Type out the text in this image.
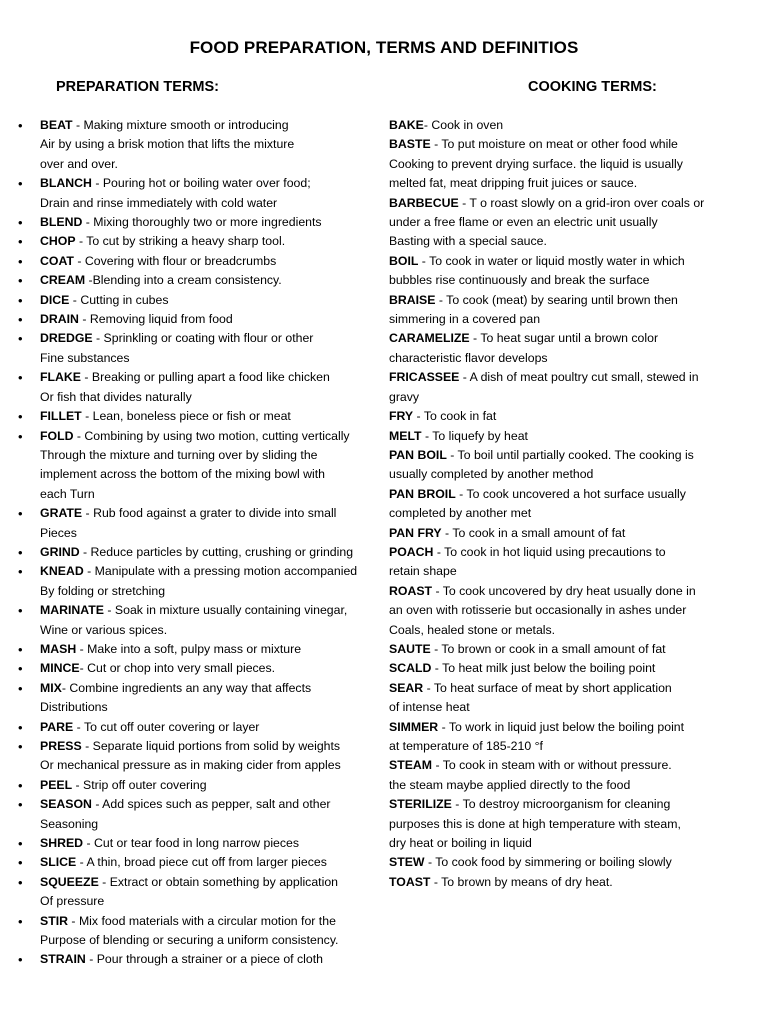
FOOD PREPARATION, TERMS AND DEFINITIOS
PREPARATION TERMS:	COOKING TERMS:
• BEAT - Making mixture smooth or introducing
Air by using a brisk motion that lifts the mixture
over and over.
• BLANCH - Pouring hot or boiling water over food;
Drain and rinse immediately with cold water
• BLEND - Mixing thoroughly two or more ingredients
• CHOP - To cut by striking a heavy sharp tool.
• COAT - Covering with flour or breadcrumbs
• CREAM -Blending into a cream consistency.
• DICE - Cutting in cubes
• DRAIN - Removing liquid from food
• DREDGE - Sprinkling or coating with flour or other
Fine substances
• FLAKE - Breaking or pulling apart a food like chicken
Or fish that divides naturally
• FILLET - Lean, boneless piece or fish or meat
• FOLD - Combining by using two motion, cutting vertically
Through the mixture and turning over by sliding the
implement across the bottom of the mixing bowl with
each Turn
• GRATE - Rub food against a grater to divide into small
Pieces
• GRIND - Reduce particles by cutting, crushing or grinding
• KNEAD - Manipulate with a pressing motion accompanied
By folding or stretching
• MARINATE - Soak in mixture usually containing vinegar,
Wine or various spices.
• MASH - Make into a soft, pulpy mass or mixture
• MINCE- Cut or chop into very small pieces.
• MIX- Combine ingredients an any way that affects
Distributions
• PARE - To cut off outer covering or layer
• PRESS - Separate liquid portions from solid by weights
Or mechanical pressure as in making cider from apples
• PEEL - Strip off outer covering
• SEASON - Add spices such as pepper, salt and other
Seasoning
• SHRED - Cut or tear food in long narrow pieces
• SLICE - A thin, broad piece cut off from larger pieces
• SQUEEZE - Extract or obtain something by application
Of pressure
• STIR - Mix food materials with a circular motion for the
Purpose of blending or securing a uniform consistency.
• STRAIN - Pour through a strainer or a piece of cloth
BAKE- Cook in oven
BASTE - To put moisture on meat or other food while
Cooking to prevent drying surface. the liquid is usually
melted fat, meat dripping fruit juices or sauce.
BARBECUE - T o roast slowly on a grid-iron over coals or
under a free flame or even an electric unit usually
Basting with a special sauce.
BOIL - To cook in water or liquid mostly water in which
bubbles rise continuously and break the surface
BRAISE - To cook (meat) by searing until brown then
simmering in a covered pan
CARAMELIZE - To heat sugar until a brown color
characteristic flavor develops
FRICASSEE - A dish of meat poultry cut small, stewed in
gravy
FRY - To cook in fat
MELT - To liquefy by heat
PAN BOIL - To boil until partially cooked. The cooking is
usually completed by another method
PAN BROIL - To cook uncovered a hot surface usually
completed by another met
PAN FRY - To cook in a small amount of fat
POACH - To cook in hot liquid using precautions to
retain shape
ROAST - To cook uncovered by dry heat usually done in
an oven with rotisserie but occasionally in ashes under
Coals, healed stone or metals.
SAUTE - To brown or cook in a small amount of fat
SCALD - To heat milk just below the boiling point
SEAR - To heat surface of meat by short application
of intense heat
SIMMER - To work in liquid just below the boiling point
at temperature of 185-210 °f
STEAM - To cook in steam with or without pressure.
the steam maybe applied directly to the food
STERILIZE - To destroy microorganism for cleaning
purposes this is done at high temperature with steam,
dry heat or boiling in liquid
STEW - To cook food by simmering or boiling slowly
TOAST - To brown by means of dry heat.
